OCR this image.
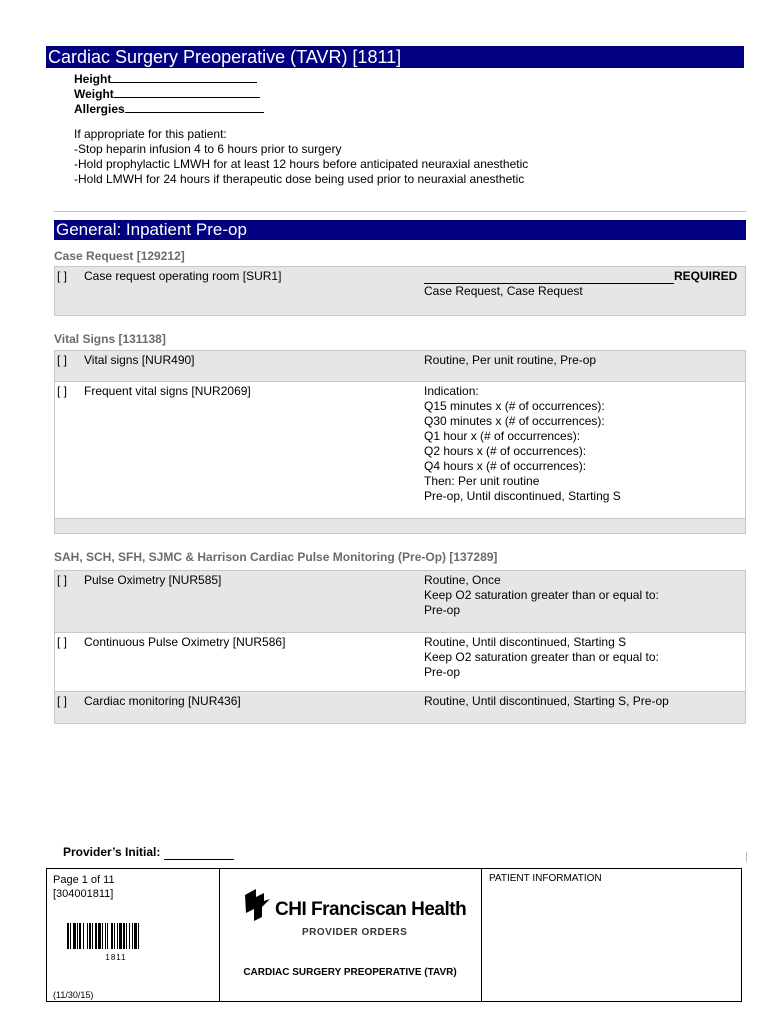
Cardiac Surgery Preoperative (TAVR) [1811]
Height
Weight
Allergies
If appropriate for this patient:
-Stop heparin infusion 4 to 6 hours prior to surgery
-Hold prophylactic LMWH for at least 12 hours before anticipated neuraxial anesthetic
-Hold LMWH for 24 hours if therapeutic dose being used prior to neuraxial anesthetic
General: Inpatient Pre-op
Case Request [129212]
[ ] Case request operating room [SUR1]	REQUIRED
Case Request, Case Request
Vital Signs [131138]
[ ] Vital signs [NUR490]	Routine, Per unit routine, Pre-op
[ ] Frequent vital signs [NUR2069]	Indication:
Q15 minutes x (# of occurrences):
Q30 minutes x (# of occurrences):
Q1 hour x (# of occurrences):
Q2 hours x (# of occurrences):
Q4 hours x (# of occurrences):
Then: Per unit routine
Pre-op, Until discontinued, Starting S
SAH, SCH, SFH, SJMC & Harrison Cardiac Pulse Monitoring (Pre-Op) [137289]
[ ] Pulse Oximetry [NUR585]	Routine, Once
Keep O2 saturation greater than or equal to:
Pre-op
[ ] Continuous Pulse Oximetry [NUR586]	Routine, Until discontinued, Starting S
Keep O2 saturation greater than or equal to:
Pre-op
[ ] Cardiac monitoring [NUR436]	Routine, Until discontinued, Starting S, Pre-op
Provider’s Initial:
Page 1 of 11
[304001811]
1811
(11/30/15)
CHI Franciscan Health
PROVIDER ORDERS
CARDIAC SURGERY PREOPERATIVE (TAVR)
PATIENT INFORMATION
